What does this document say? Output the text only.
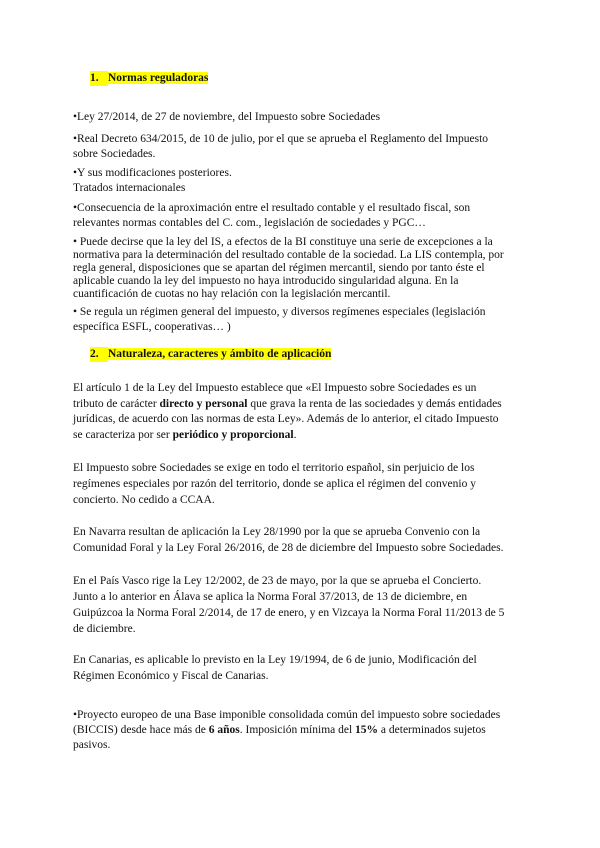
1. Normas reguladoras

•Ley 27/2014, de 27 de noviembre, del Impuesto sobre Sociedades

•Real Decreto 634/2015, de 10 de julio, por el que se aprueba el Reglamento del Impuesto
sobre Sociedades.

•Y sus modificaciones posteriores.
Tratados internacionales

•Consecuencia de la aproximación entre el resultado contable y el resultado fiscal, son
relevantes normas contables del C. com., legislación de sociedades y PGC…

• Puede decirse que la ley del IS, a efectos de la BI constituye una serie de excepciones a la
normativa para la determinación del resultado contable de la sociedad. La LIS contempla, por
regla general, disposiciones que se apartan del régimen mercantil, siendo por tanto éste el
aplicable cuando la ley del impuesto no haya introducido singularidad alguna. En la
cuantificación de cuotas no hay relación con la legislación mercantil.

• Se regula un régimen general del impuesto, y diversos regímenes especiales (legislación
específica ESFL, cooperativas… )

2. Naturaleza, caracteres y ámbito de aplicación

El artículo 1 de la Ley del Impuesto establece que «El Impuesto sobre Sociedades es un
tributo de carácter directo y personal que grava la renta de las sociedades y demás entidades
jurídicas, de acuerdo con las normas de esta Ley». Además de lo anterior, el citado Impuesto
se caracteriza por ser periódico y proporcional.

El Impuesto sobre Sociedades se exige en todo el territorio español, sin perjuicio de los
regímenes especiales por razón del territorio, donde se aplica el régimen del convenio y
concierto. No cedido a CCAA.

En Navarra resultan de aplicación la Ley 28/1990 por la que se aprueba Convenio con la
Comunidad Foral y la Ley Foral 26/2016, de 28 de diciembre del Impuesto sobre Sociedades.

En el País Vasco rige la Ley 12/2002, de 23 de mayo, por la que se aprueba el Concierto.
Junto a lo anterior en Álava se aplica la Norma Foral 37/2013, de 13 de diciembre, en
Guipúzcoa la Norma Foral 2/2014, de 17 de enero, y en Vizcaya la Norma Foral 11/2013 de 5
de diciembre.

En Canarias, es aplicable lo previsto en la Ley 19/1994, de 6 de junio, Modificación del
Régimen Económico y Fiscal de Canarias.

•Proyecto europeo de una Base imponible consolidada común del impuesto sobre sociedades
(BICCIS) desde hace más de 6 años. Imposición mínima del 15% a determinados sujetos
pasivos.
